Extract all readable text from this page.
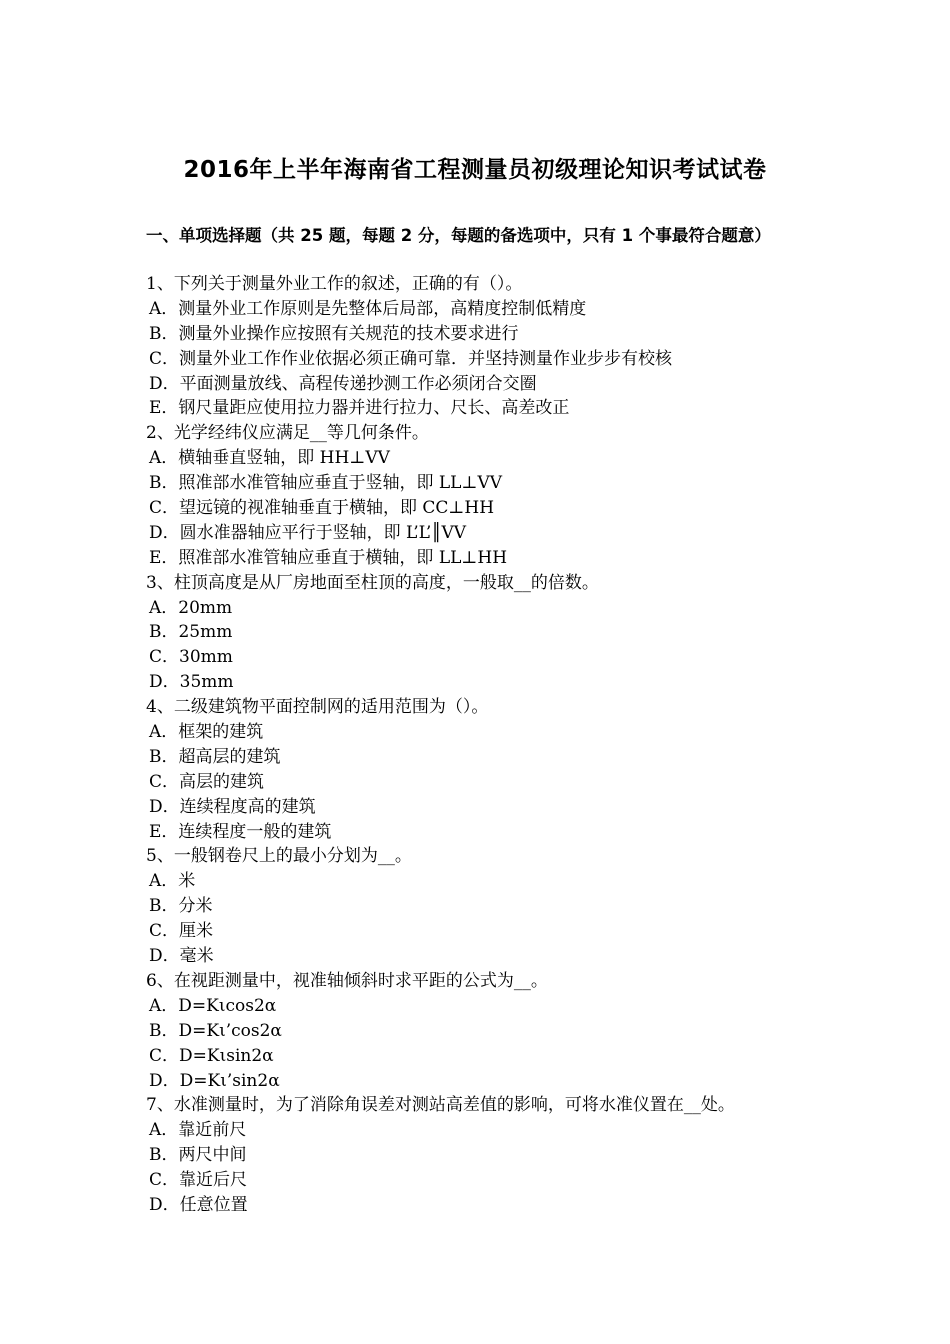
2016年上半年海南省工程测量员初级理论知识考试试卷
一、单项选择题（共 25 题，每题 2 分，每题的备选项中，只有 1 个事最符合题意）
1、下列关于测量外业工作的叙述，正确的有（）。
A．测量外业工作原则是先整体后局部，高精度控制低精度
B．测量外业操作应按照有关规范的技术要求进行
C．测量外业工作作业依据必须正确可靠．并坚持测量作业步步有校核
D．平面测量放线、高程传递抄测工作必须闭合交圈
E．钢尺量距应使用拉力器并进行拉力、尺长、高差改正
2、光学经纬仪应满足__等几何条件。
A．横轴垂直竖轴，即 HH⊥VV
B．照准部水准管轴应垂直于竖轴，即 LL⊥VV
C．望远镜的视准轴垂直于横轴，即 CC⊥HH
D．圆水准器轴应平行于竖轴，即 L’L’║VV
E．照准部水准管轴应垂直于横轴，即 LL⊥HH
3、柱顶高度是从厂房地面至柱顶的高度，一般取__的倍数。
A．20mm
B．25mm
C．30mm
D．35mm
4、二级建筑物平面控制网的适用范围为（）。
A．框架的建筑
B．超高层的建筑
C．高层的建筑
D．连续程度高的建筑
E．连续程度一般的建筑
5、一般钢卷尺上的最小分划为__。
A．米
B．分米
C．厘米
D．毫米
6、在视距测量中，视准轴倾斜时求平距的公式为__。
A．D=Kιcos2α
B．D=Kι’cos2α
C．D=Kιsin2α
D．D=Kι’sin2α
7、水准测量时，为了消除角误差对测站高差值的影响，可将水准仪置在__处。
A．靠近前尺
B．两尺中间
C．靠近后尺
D．任意位置
